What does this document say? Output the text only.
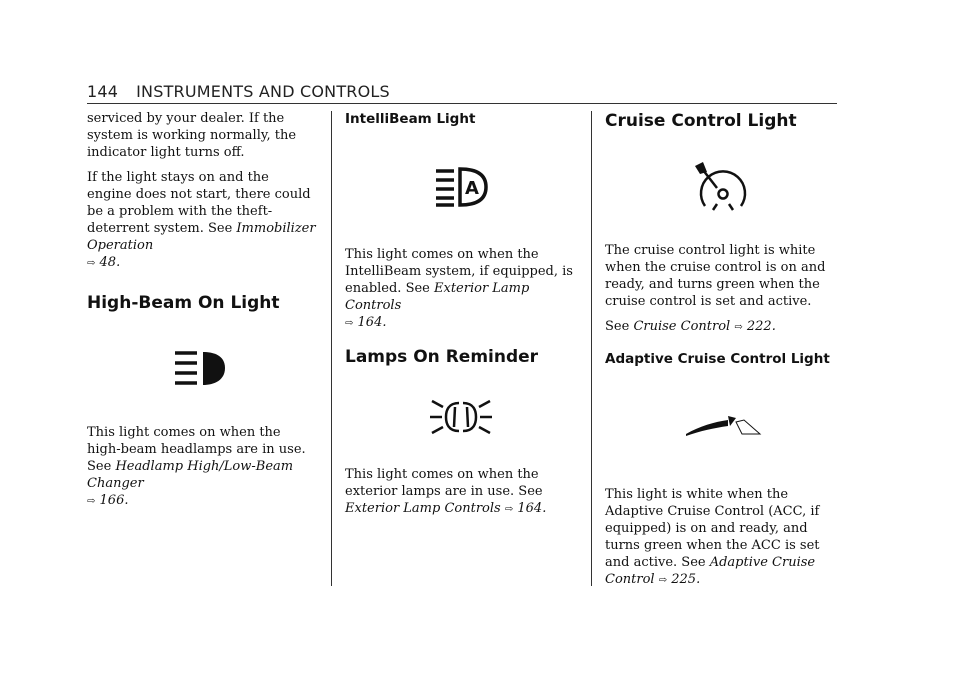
144 INSTRUMENTS AND CONTROLS

serviced by your dealer. If the system is working normally, the indicator light turns off.

If the light stays on and the engine does not start, there could be a problem with the theft-deterrent system. See Immobilizer Operation
⇨ 48.

High-Beam On Light

This light comes on when the high-beam headlamps are in use. See Headlamp High/Low-Beam Changer
⇨ 166.

IntelliBeam Light
A

This light comes on when the IntelliBeam system, if equipped, is enabled. See Exterior Lamp Controls
⇨ 164.

Lamps On Reminder

This light comes on when the exterior lamps are in use. See Exterior Lamp Controls ⇨ 164.

Cruise Control Light

The cruise control light is white when the cruise control is on and ready, and turns green when the cruise control is set and active.

See Cruise Control ⇨ 222.

Adaptive Cruise Control Light

This light is white when the Adaptive Cruise Control (ACC, if equipped) is on and ready, and turns green when the ACC is set and active. See Adaptive Cruise Control ⇨ 225.
